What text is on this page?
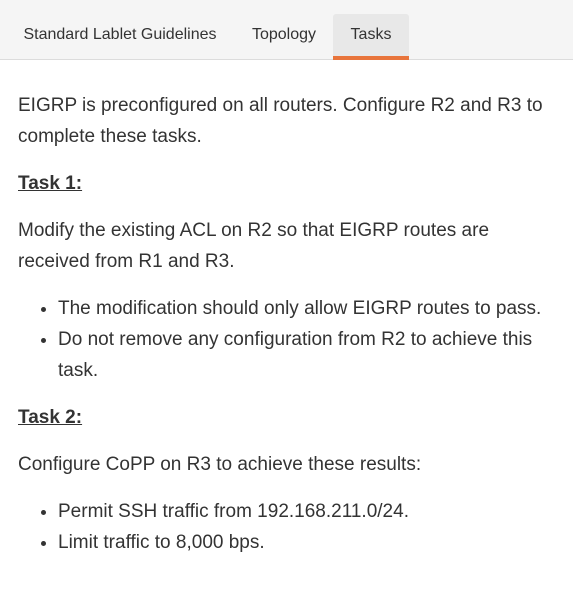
Standard Lablet Guidelines	Topology	Tasks

EIGRP is preconfigured on all routers. Configure R2 and R3 to complete these tasks.

Task 1:

Modify the existing ACL on R2 so that EIGRP routes are received from R1 and R3.

• The modification should only allow EIGRP routes to pass.
• Do not remove any configuration from R2 to achieve this task.

Task 2:

Configure CoPP on R3 to achieve these results:

• Permit SSH traffic from 192.168.211.0/24.
• Limit traffic to 8,000 bps.
